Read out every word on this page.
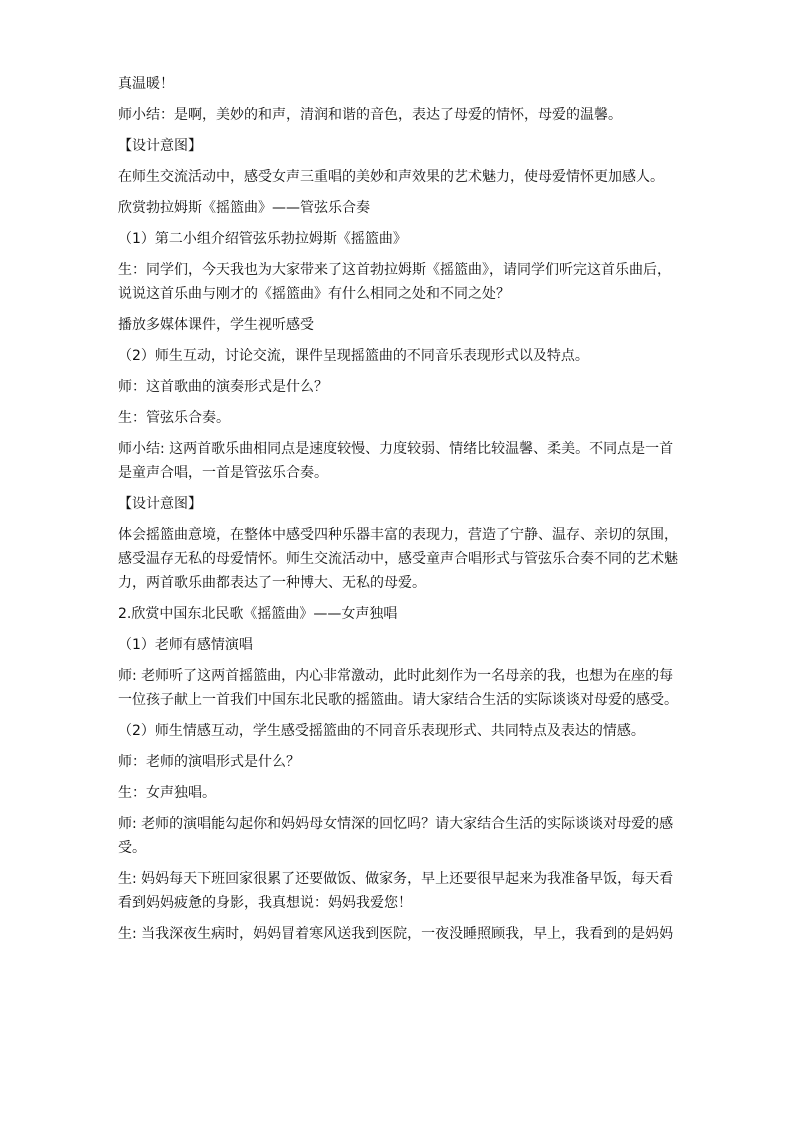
真温暖！
师小结：是啊，美妙的和声，清润和谐的音色，表达了母爱的情怀，母爱的温馨。
【设计意图】
在师生交流活动中，感受女声三重唱的美妙和声效果的艺术魅力，使母爱情怀更加感人。
欣赏勃拉姆斯《摇篮曲》——管弦乐合奏
（1）第二小组介绍管弦乐勃拉姆斯《摇篮曲》
生：同学们，今天我也为大家带来了这首勃拉姆斯《摇篮曲》，请同学们听完这首乐曲后，
说说这首乐曲与刚才的《摇篮曲》有什么相同之处和不同之处？
播放多媒体课件，学生视听感受
（2）师生互动，讨论交流，课件呈现摇篮曲的不同音乐表现形式以及特点。
师：这首歌曲的演奏形式是什么？
生：管弦乐合奏。
师小结: 这两首歌乐曲相同点是速度较慢、力度较弱、情绪比较温馨、柔美。不同点是一首
是童声合唱，一首是管弦乐合奏。
【设计意图】
体会摇篮曲意境，在整体中感受四种乐器丰富的表现力，营造了宁静、温存、亲切的氛围，
感受温存无私的母爱情怀。师生交流活动中，感受童声合唱形式与管弦乐合奏不同的艺术魅
力，两首歌乐曲都表达了一种博大、无私的母爱。
2.欣赏中国东北民歌《摇篮曲》——女声独唱
（1）老师有感情演唱
师: 老师听了这两首摇篮曲，内心非常激动，此时此刻作为一名母亲的我，也想为在座的每
一位孩子献上一首我们中国东北民歌的摇篮曲。请大家结合生活的实际谈谈对母爱的感受。
（2）师生情感互动，学生感受摇篮曲的不同音乐表现形式、共同特点及表达的情感。
师：老师的演唱形式是什么？
生：女声独唱。
师: 老师的演唱能勾起你和妈妈母女情深的回忆吗？请大家结合生活的实际谈谈对母爱的感
受。
生: 妈妈每天下班回家很累了还要做饭、做家务，早上还要很早起来为我准备早饭，每天看
看到妈妈疲惫的身影，我真想说：妈妈我爱您！
生: 当我深夜生病时，妈妈冒着寒风送我到医院，一夜没睡照顾我，早上，我看到的是妈妈
